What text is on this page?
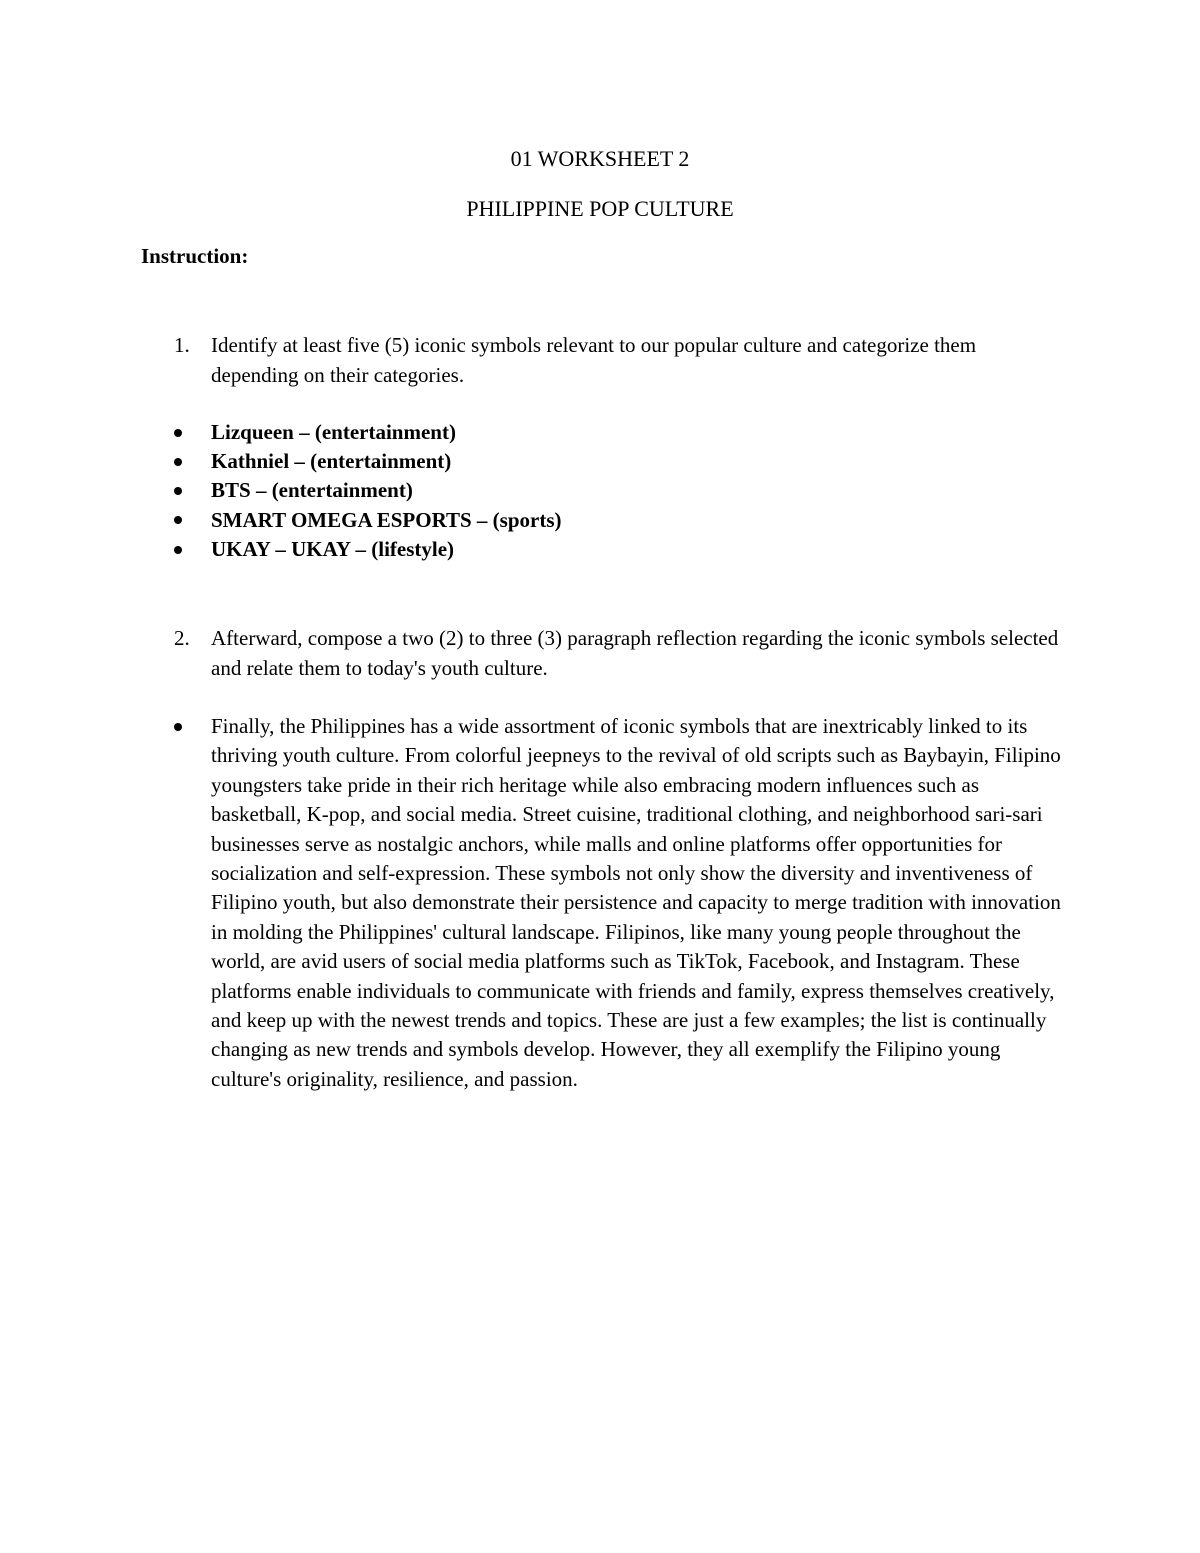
01 WORKSHEET 2
PHILIPPINE POP CULTURE

Instruction:

1.	Identify at least five (5) iconic symbols relevant to our popular culture and categorize them depending on their categories.
Lizqueen – (entertainment)
Kathniel – (entertainment)
BTS – (entertainment)
SMART OMEGA ESPORTS – (sports)
UKAY – UKAY – (lifestyle)
2.	Afterward, compose a two (2) to three (3) paragraph reflection regarding the iconic symbols selected and relate them to today's youth culture.
Finally, the Philippines has a wide assortment of iconic symbols that are inextricably linked to its thriving youth culture. From colorful jeepneys to the revival of old scripts such as Baybayin, Filipino youngsters take pride in their rich heritage while also embracing modern influences such as basketball, K-pop, and social media. Street cuisine, traditional clothing, and neighborhood sari-sari businesses serve as nostalgic anchors, while malls and online platforms offer opportunities for socialization and self-expression. These symbols not only show the diversity and inventiveness of Filipino youth, but also demonstrate their persistence and capacity to merge tradition with innovation in molding the Philippines' cultural landscape. Filipinos, like many young people throughout the world, are avid users of social media platforms such as TikTok, Facebook, and Instagram. These platforms enable individuals to communicate with friends and family, express themselves creatively, and keep up with the newest trends and topics. These are just a few examples; the list is continually changing as new trends and symbols develop. However, they all exemplify the Filipino young culture's originality, resilience, and passion.
